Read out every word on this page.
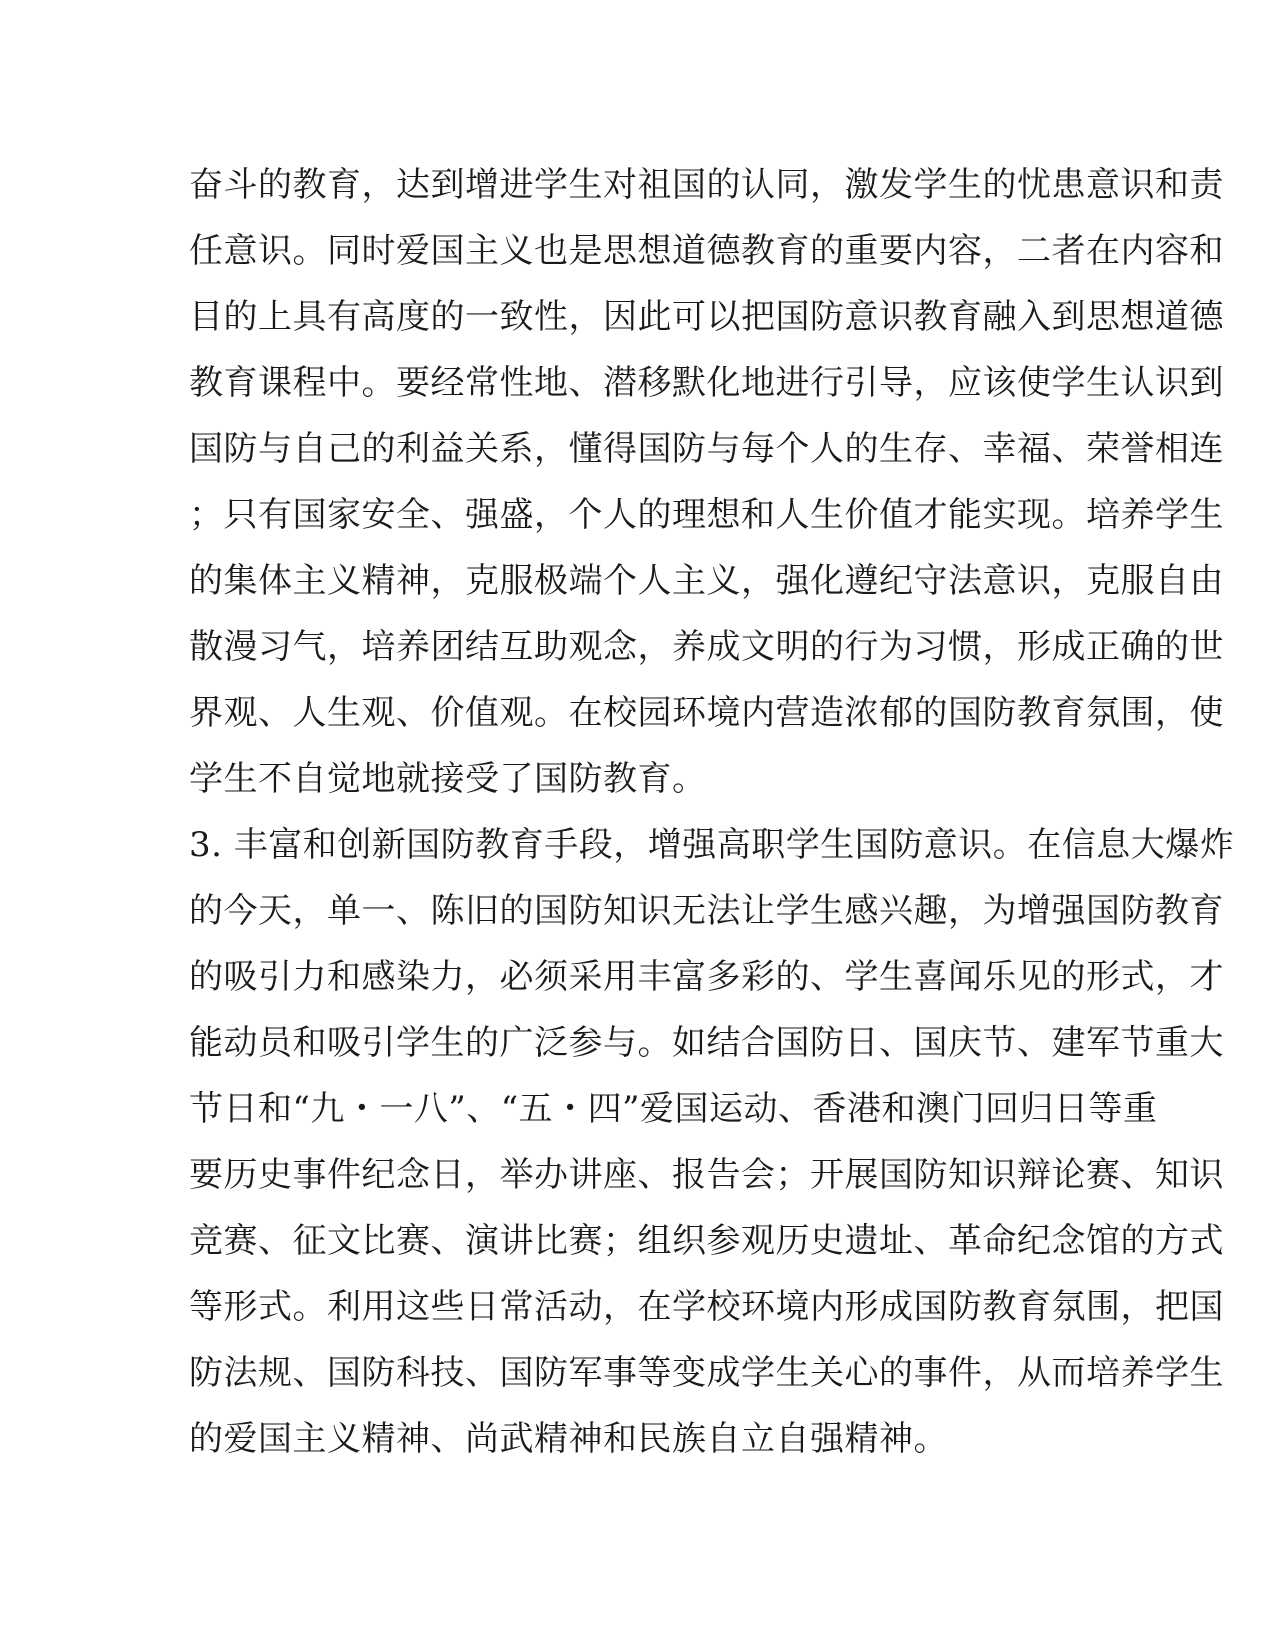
奋斗的教育，达到增进学生对祖国的认同，激发学生的忧患意识和责
任意识。同时爱国主义也是思想道德教育的重要内容，二者在内容和
目的上具有高度的一致性，因此可以把国防意识教育融入到思想道德
教育课程中。要经常性地、潜移默化地进行引导，应该使学生认识到
国防与自己的利益关系，懂得国防与每个人的生存、幸福、荣誉相连
；只有国家安全、强盛，个人的理想和人生价值才能实现。培养学生
的集体主义精神，克服极端个人主义，强化遵纪守法意识，克服自由
散漫习气，培养团结互助观念，养成文明的行为习惯，形成正确的世
界观、人生观、价值观。在校园环境内营造浓郁的国防教育氛围，使
学生不自觉地就接受了国防教育。
3. 丰富和创新国防教育手段，增强高职学生国防意识。在信息大爆炸
的今天，单一、陈旧的国防知识无法让学生感兴趣，为增强国防教育
的吸引力和感染力，必须采用丰富多彩的、学生喜闻乐见的形式，才
能动员和吸引学生的广泛参与。如结合国防日、国庆节、建军节重大
节日和“九・一八”、“五・四”爱国运动、香港和澳门回归日等重
要历史事件纪念日，举办讲座、报告会；开展国防知识辩论赛、知识
竞赛、征文比赛、演讲比赛；组织参观历史遗址、革命纪念馆的方式
等形式。利用这些日常活动，在学校环境内形成国防教育氛围，把国
防法规、国防科技、国防军事等变成学生关心的事件，从而培养学生
的爱国主义精神、尚武精神和民族自立自强精神。
